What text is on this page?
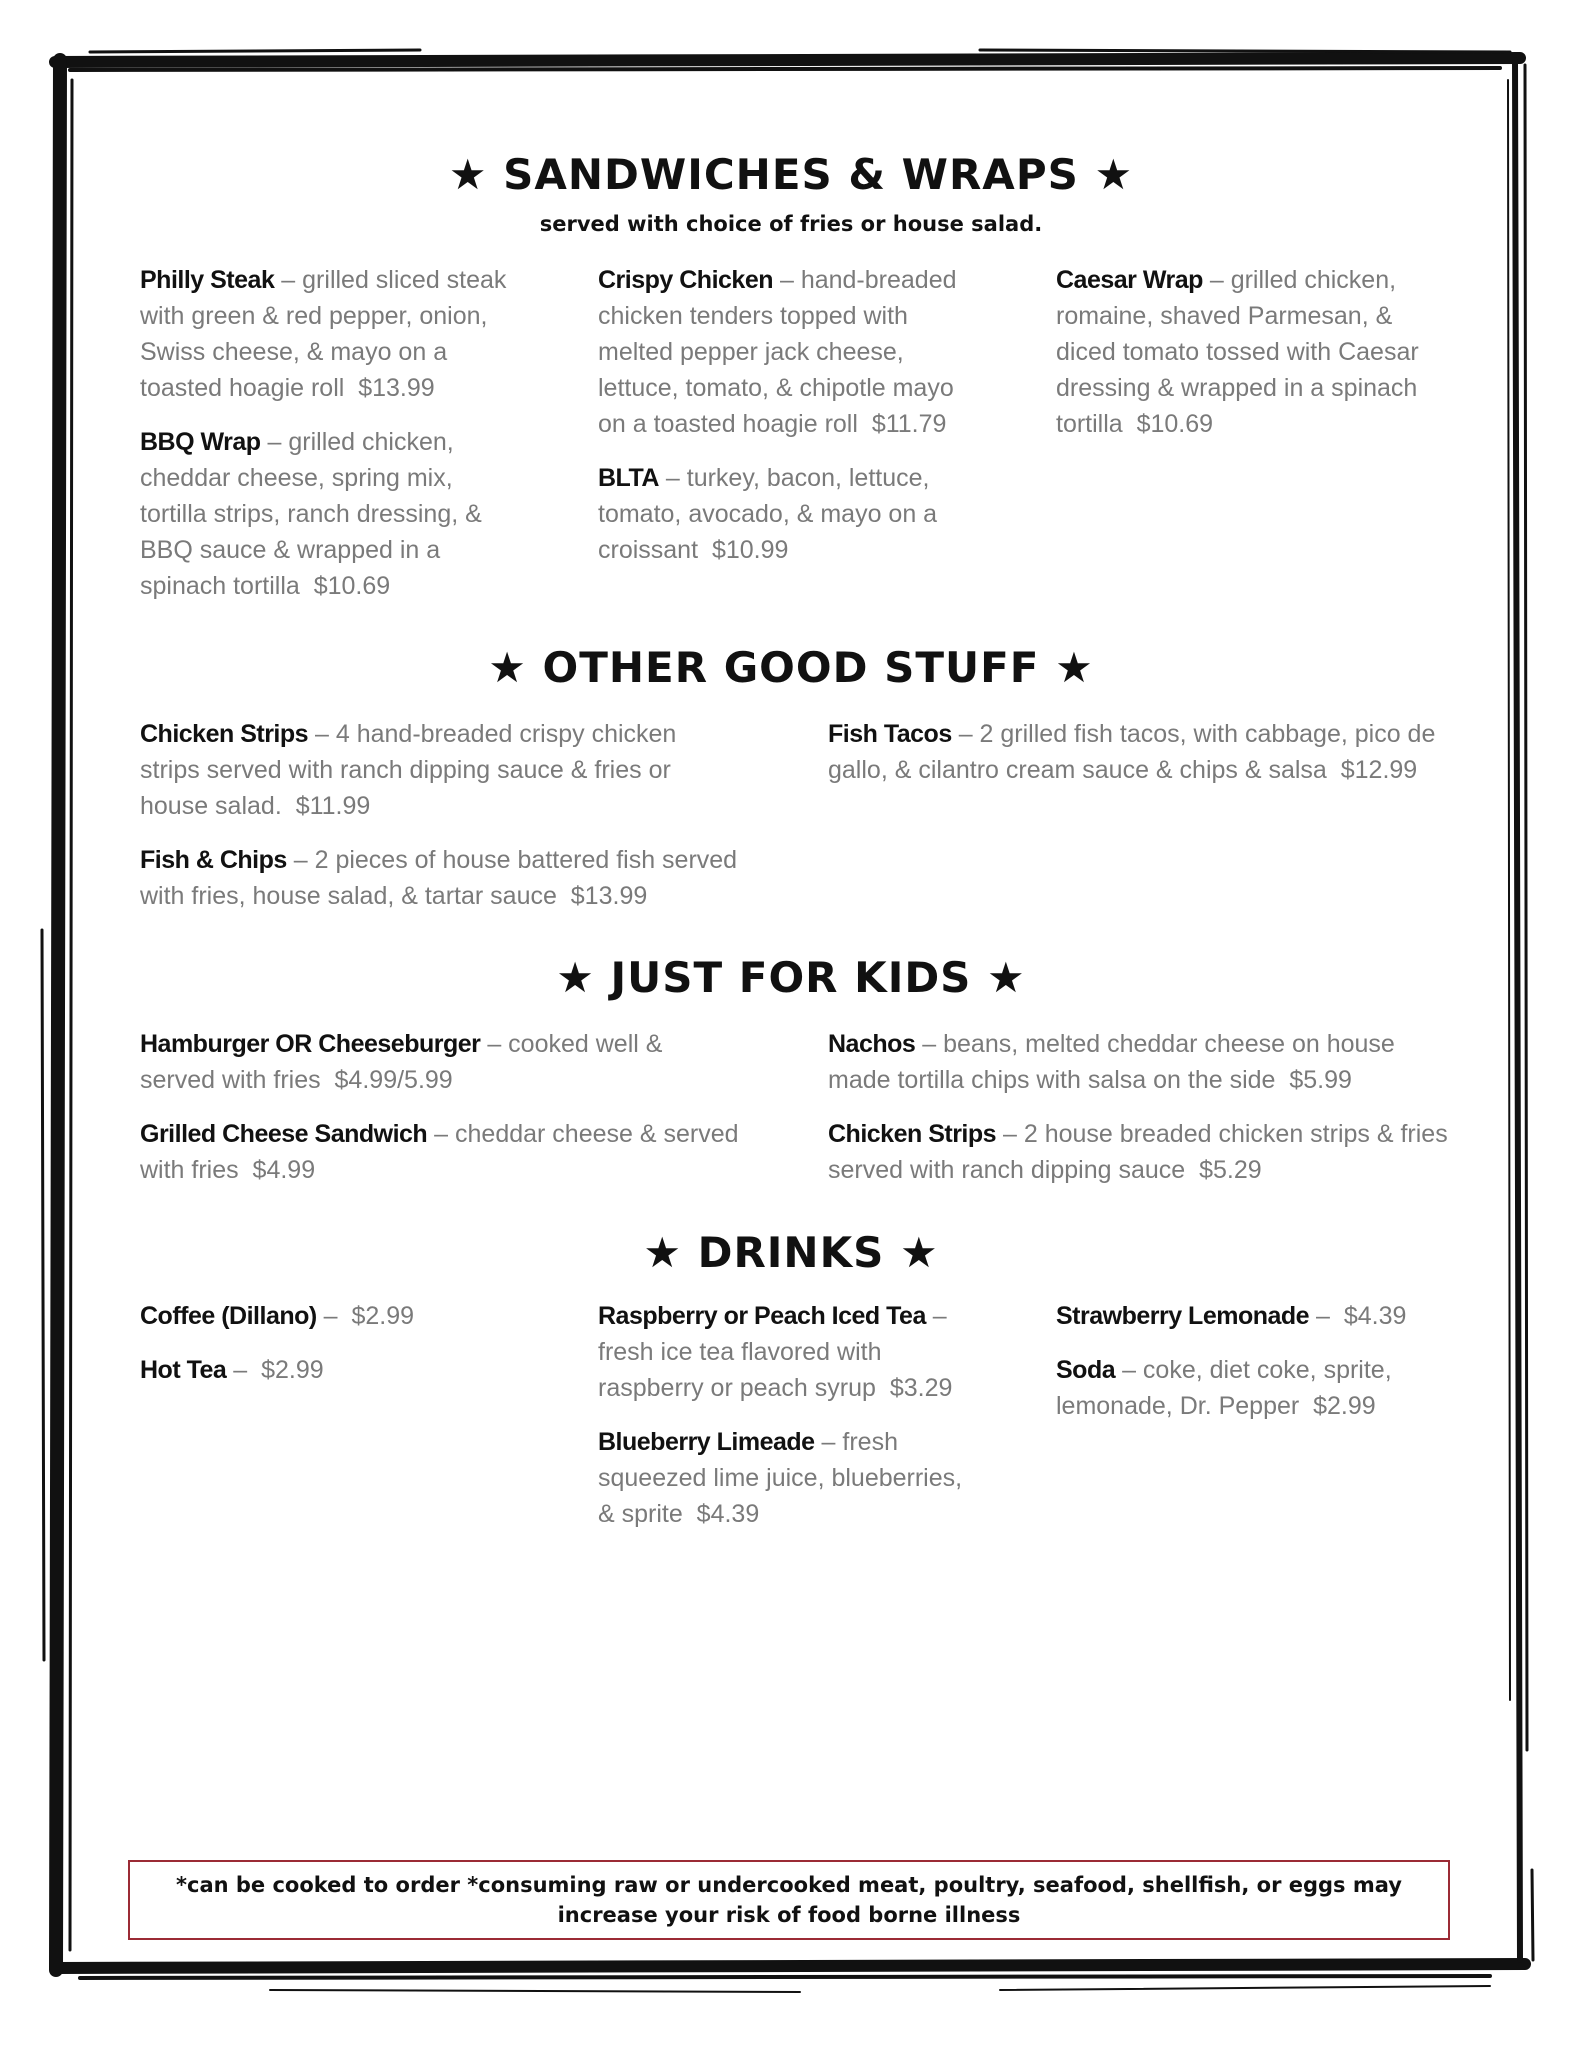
★ SANDWICHES & WRAPS ★
served with choice of fries or house salad.

Philly Steak – grilled sliced steak with green & red pepper, onion, Swiss cheese, & mayo on a toasted hoagie roll $13.99

BBQ Wrap – grilled chicken, cheddar cheese, spring mix, tortilla strips, ranch dressing, & BBQ sauce & wrapped in a spinach tortilla $10.69

Crispy Chicken – hand-breaded chicken tenders topped with melted pepper jack cheese, lettuce, tomato, & chipotle mayo on a toasted hoagie roll $11.79

BLTA – turkey, bacon, lettuce, tomato, avocado, & mayo on a croissant $10.99

Caesar Wrap – grilled chicken, romaine, shaved Parmesan, & diced tomato tossed with Caesar dressing & wrapped in a spinach tortilla $10.69

★ OTHER GOOD STUFF ★

Chicken Strips – 4 hand-breaded crispy chicken strips served with ranch dipping sauce & fries or house salad. $11.99

Fish & Chips – 2 pieces of house battered fish served with fries, house salad, & tartar sauce $13.99

Fish Tacos – 2 grilled fish tacos, with cabbage, pico de gallo, & cilantro cream sauce & chips & salsa $12.99

★ JUST FOR KIDS ★

Hamburger OR Cheeseburger – cooked well & served with fries $4.99/5.99

Grilled Cheese Sandwich – cheddar cheese & served with fries $4.99

Nachos – beans, melted cheddar cheese on house made tortilla chips with salsa on the side $5.99

Chicken Strips – 2 house breaded chicken strips & fries served with ranch dipping sauce $5.29

★ DRINKS ★

Coffee (Dillano) –  $2.99

Hot Tea –  $2.99

Raspberry or Peach Iced Tea – fresh ice tea flavored with raspberry or peach syrup $3.29

Blueberry Limeade – fresh squeezed lime juice, blueberries, & sprite $4.39

Strawberry Lemonade –  $4.39

Soda – coke, diet coke, sprite, lemonade, Dr. Pepper $2.99

*can be cooked to order *consuming raw or undercooked meat, poultry, seafood, shellfish, or eggs may increase your risk of food borne illness
